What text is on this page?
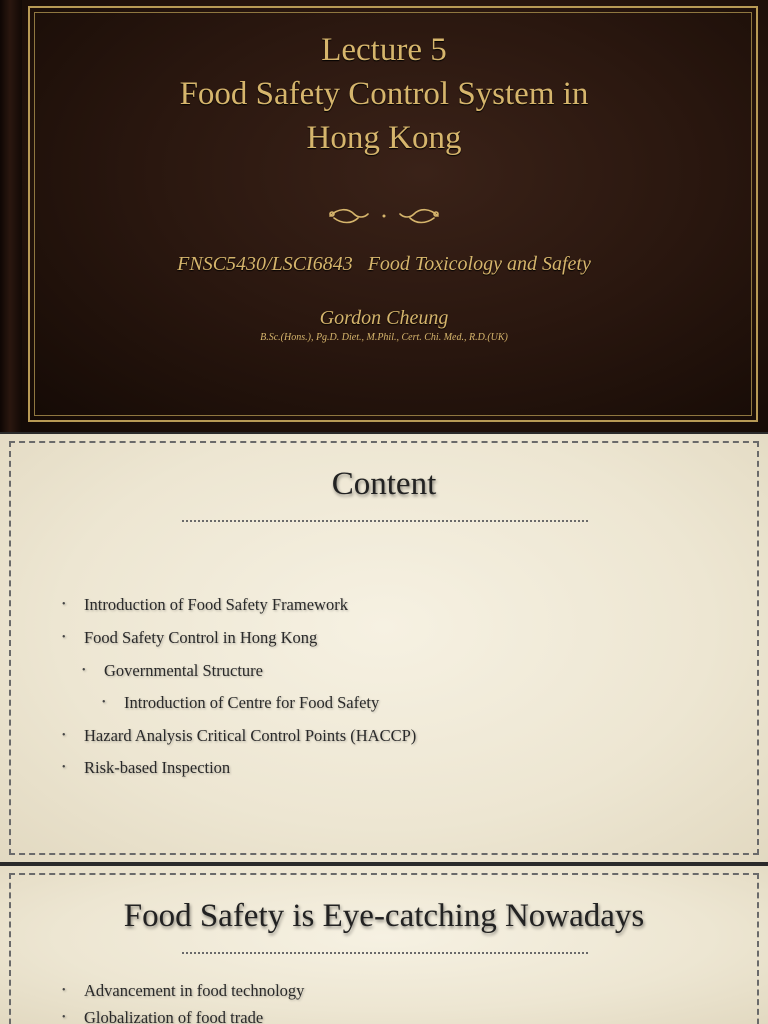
Lecture 5
Food Safety Control System in
Hong Kong
FNSC5430/LSCI6843   Food Toxicology and Safety
Gordon Cheung
B.Sc.(Hons.), Pg.D. Diet., M.Phil., Cert. Chi. Med., R.D.(UK)
Content
• Introduction of Food Safety Framework
• Food Safety Control in Hong Kong
• Governmental Structure
• Introduction of Centre for Food Safety
• Hazard Analysis Critical Control Points (HACCP)
• Risk-based Inspection
Food Safety is Eye-catching Nowadays
• Advancement in food technology
• Globalization of food trade
